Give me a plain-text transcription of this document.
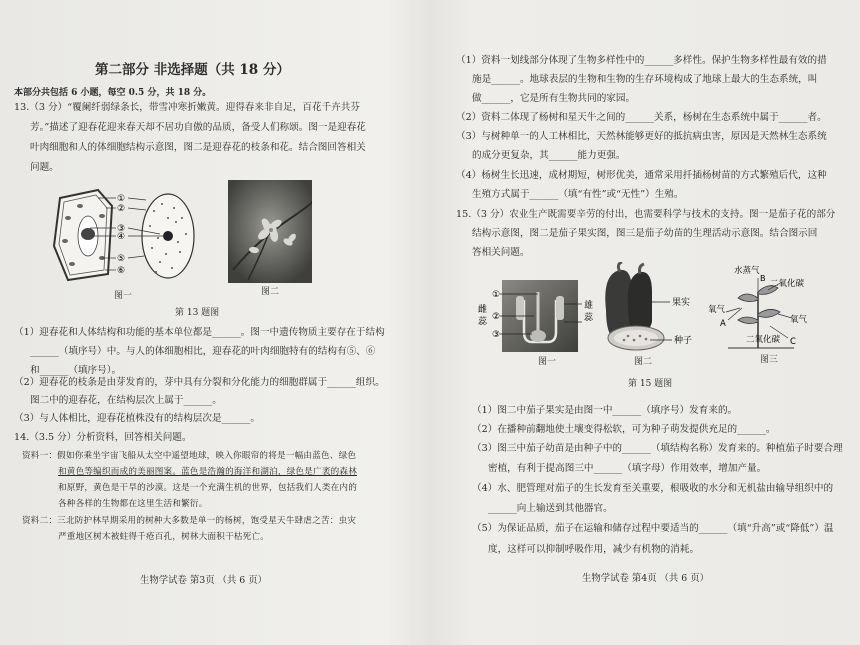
第二部分 非选择题（共 18 分）
本部分共包括 6 小题，每空 0.5 分，共 18 分。
13.（3 分）“覆阑纤弱绿条长，带雪冲寒折嫩黄。迎得春来非自足，百花千卉共芬
芳。”描述了迎春花迎来春天却不居功自傲的品质，备受人们称颂。图一是迎春花
叶肉细胞和人的体细胞结构示意图，图二是迎春花的枝条和花。结合图回答相关
问题。
①
②
③
④
⑤
⑥
图一	图二
第 13 题图
（1）迎春花和人体结构和功能的基本单位都是______。图一中遗传物质主要存在于结构
______（填序号）中。与人的体细胞相比，迎春花的叶肉细胞特有的结构有⑤、⑥
和______（填序号）。
（2）迎春花的枝条是由芽发育的，芽中具有分裂和分化能力的细胞群属于______组织。
图二中的迎春花，在结构层次上属于______。
（3）与人体相比，迎春花植株没有的结构层次是______。
14.（3.5 分）分析资料，回答相关问题。
资料一：假如你乘坐宇宙飞船从太空中遥望地球，映入你眼帘的将是一幅由蓝色、绿色
和黄色等编织而成的美丽图案。蓝色是浩瀚的海洋和湖泊，绿色是广袤的森林
和原野，黄色是干旱的沙漠。这是一个充满生机的世界，包括我们人类在内的
各种各样的生物都在这里生活和繁衍。
资料二：三北防护林早期采用的树种大多数是单一的杨树，饱受星天牛肆虐之苦：虫灾
严重地区树木被蛀得千疮百孔，树林大面积干枯死亡。
生物学试卷 第3页 （共 6 页）
（1）资料一划线部分体现了生物多样性中的______多样性。保护生物多样性最有效的措
施是______。地球表层的生物和生物的生存环境构成了地球上最大的生态系统，叫
做______，它是所有生物共同的家园。
（2）资料二体现了杨树和星天牛之间的______关系，杨树在生态系统中属于______者。
（3）与树种单一的人工林相比，天然林能够更好的抵抗病虫害，原因是天然林生态系统
的成分更复杂，其______能力更强。
（4）杨树生长迅速，成材期短，树形优美，通常采用扦插杨树苗的方式繁殖后代，这种
生殖方式属于______（填“有性”或“无性”）生殖。
15.（3 分）农业生产既需要辛劳的付出，也需要科学与技术的支持。图一是茄子花的部分
结构示意图，图二是茄子果实图，图三是茄子幼苗的生理活动示意图。结合图示回
答相关问题。
①
②
③
雌
蕊
雄
蕊
图一
果实
种子
图二
水蒸气
B
二氧化碳
氧气
A	氧气
二氧化碳 C
图三
第 15 题图
（1）图二中茄子果实是由图一中______（填序号）发育来的。
（2）在播种前翻地使土壤变得松软，可为种子萌发提供充足的______。
（3）图三中茄子幼苗是由种子中的______（填结构名称）发育来的。种植茄子时要合理
密植，有利于提高图三中______（填字母）作用效率，增加产量。
（4）水、肥管理对茄子的生长发育至关重要，根吸收的水分和无机盐由输导组织中的
______向上输送到其他器官。
（5）为保证品质，茄子在运输和储存过程中要适当的______（填“升高”或“降低”）温
度，这样可以抑制呼吸作用，减少有机物的消耗。
生物学试卷 第4页 （共 6 页）
